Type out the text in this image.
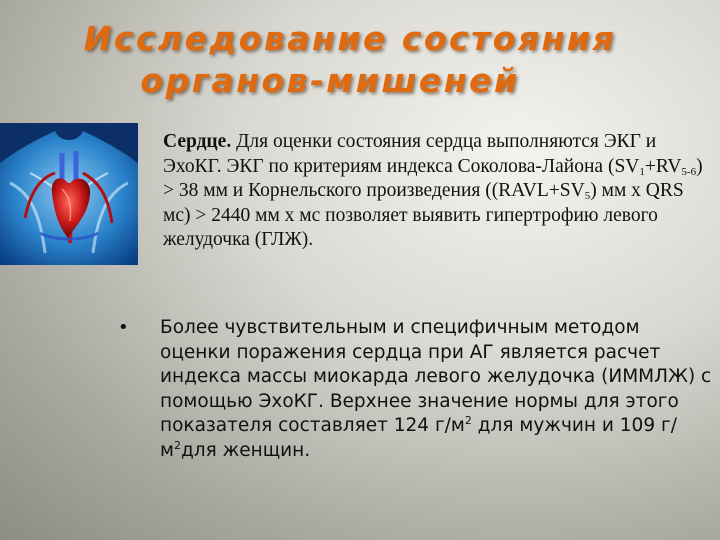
Исследование состояния
органов-мишеней
Сердце. Для оценки состояния сердца выполняются ЭКГ и ЭхоКГ. ЭКГ по критериям индекса Соколова-Лайона $(SV_1+RV_{5-6}) > 38$ мм и Корнельского произведения ($(RAVL+SV_5)$ мм х QRS мс) > 2440 мм х мс позволяет выявить гипертрофию левого желудочка (ГЛЖ).
• Более чувствительным и специфичным методом оценки поражения сердца при АГ является расчет индекса массы миокарда левого желудочка (ИММЛЖ) с помощью ЭхоКГ. Верхнее значение нормы для этого показателя составляет 124 $г/м^2$ для мужчин и 109 $г/м^2для$ женщин.
